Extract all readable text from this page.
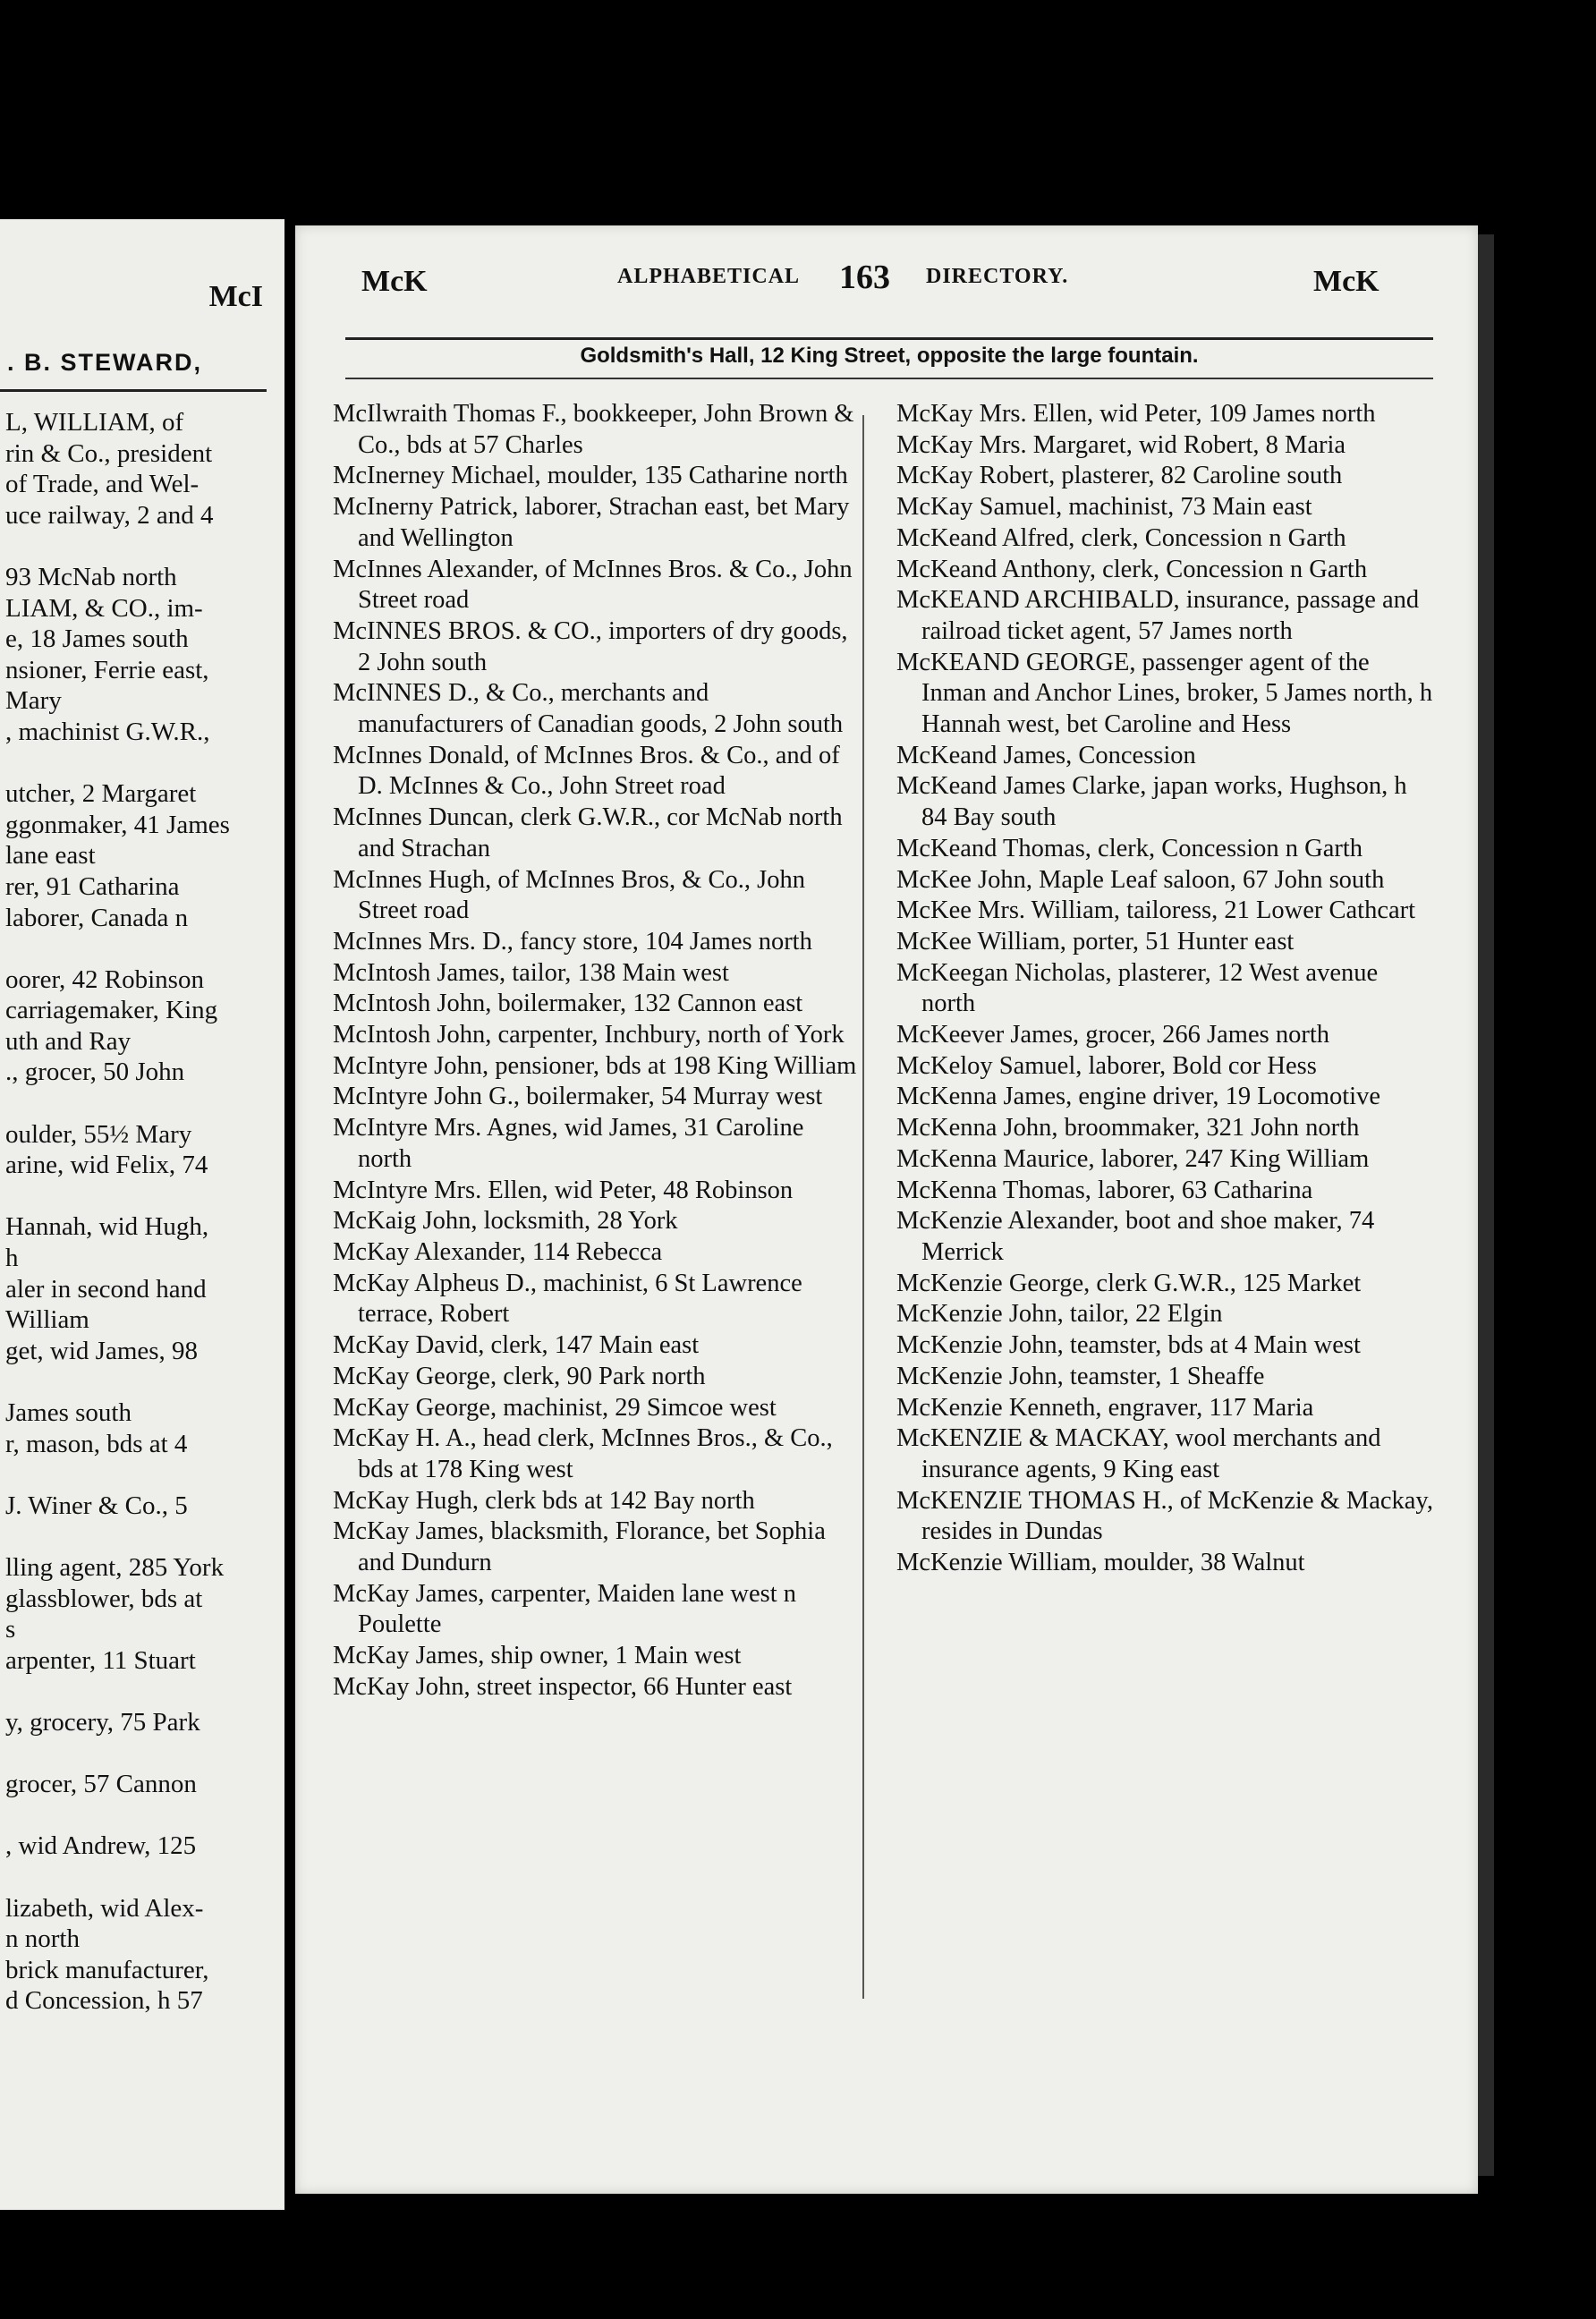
McI
. B. STEWARD,
L, WILLIAM, of
rin & Co., president
of Trade, and Wel-
uce railway, 2 and 4
93 McNab north
LIAM, & CO., im-
e, 18 James south
nsioner, Ferrie east,
Mary
, machinist G.W.R.,
utcher, 2 Margaret
ggonmaker, 41 James
lane east
rer, 91 Catharina
laborer, Canada n
oorer, 42 Robinson
carriagemaker, King
uth and Ray
., grocer, 50 John
oulder, 55½ Mary
arine, wid Felix, 74
Hannah, wid Hugh,
h
aler in second hand
William
get, wid James, 98
James south
r, mason, bds at 4
J. Winer & Co., 5
lling agent, 285 York
glassblower, bds at
s
arpenter, 11 Stuart
y, grocery, 75 Park
grocer, 57 Cannon
, wid Andrew, 125
lizabeth, wid Alex-
n north
brick manufacturer,
d Concession, h 57
McK	ALPHABETICAL 163 DIRECTORY.	McK
Goldsmith's Hall, 12 King Street, opposite the large fountain.

McIlwraith Thomas F., bookkeeper, John Brown & Co., bds at 57 Charles

McInerney Michael, moulder, 135 Catharine north

McInerny Patrick, laborer, Strachan east, bet Mary and Wellington

McInnes Alexander, of McInnes Bros. & Co., John Street road

McINNES BROS. & CO., importers of dry goods, 2 John south

McINNES D., & Co., merchants and manufacturers of Canadian goods, 2 John south

McInnes Donald, of McInnes Bros. & Co., and of D. McInnes & Co., John Street road

McInnes Duncan, clerk G.W.R., cor McNab north and Strachan

McInnes Hugh, of McInnes Bros, & Co., John Street road

McInnes Mrs. D., fancy store, 104 James north

McIntosh James, tailor, 138 Main west

McIntosh John, boilermaker, 132 Cannon east

McIntosh John, carpenter, Inchbury, north of York

McIntyre John, pensioner, bds at 198 King William

McIntyre John G., boilermaker, 54 Murray west

McIntyre Mrs. Agnes, wid James, 31 Caroline north

McIntyre Mrs. Ellen, wid Peter, 48 Robinson

McKaig John, locksmith, 28 York

McKay Alexander, 114 Rebecca

McKay Alpheus D., machinist, 6 St Lawrence terrace, Robert

McKay David, clerk, 147 Main east

McKay George, clerk, 90 Park north

McKay George, machinist, 29 Simcoe west

McKay H. A., head clerk, McInnes Bros., & Co., bds at 178 King west

McKay Hugh, clerk bds at 142 Bay north

McKay James, blacksmith, Florance, bet Sophia and Dundurn

McKay James, carpenter, Maiden lane west n Poulette

McKay James, ship owner, 1 Main west

McKay John, street inspector, 66 Hunter east

McKay Mrs. Ellen, wid Peter, 109 James north

McKay Mrs. Margaret, wid Robert, 8 Maria

McKay Robert, plasterer, 82 Caroline south

McKay Samuel, machinist, 73 Main east

McKeand Alfred, clerk, Concession n Garth

McKeand Anthony, clerk, Concession n Garth

McKEAND ARCHIBALD, insurance, passage and railroad ticket agent, 57 James north

McKEAND GEORGE, passenger agent of the Inman and Anchor Lines, broker, 5 James north, h Hannah west, bet Caroline and Hess

McKeand James, Concession

McKeand James Clarke, japan works, Hughson, h 84 Bay south

McKeand Thomas, clerk, Concession n Garth

McKee John, Maple Leaf saloon, 67 John south

McKee Mrs. William, tailoress, 21 Lower Cathcart

McKee William, porter, 51 Hunter east

McKeegan Nicholas, plasterer, 12 West avenue north

McKeever James, grocer, 266 James north

McKeloy Samuel, laborer, Bold cor Hess

McKenna James, engine driver, 19 Locomotive

McKenna John, broommaker, 321 John north

McKenna Maurice, laborer, 247 King William

McKenna Thomas, laborer, 63 Catharina

McKenzie Alexander, boot and shoe maker, 74 Merrick

McKenzie George, clerk G.W.R., 125 Market

McKenzie John, tailor, 22 Elgin

McKenzie John, teamster, bds at 4 Main west

McKenzie John, teamster, 1 Sheaffe

McKenzie Kenneth, engraver, 117 Maria

McKENZIE & MACKAY, wool merchants and insurance agents, 9 King east

McKENZIE THOMAS H., of McKenzie & Mackay, resides in Dundas

McKenzie William, moulder, 38 Walnut
